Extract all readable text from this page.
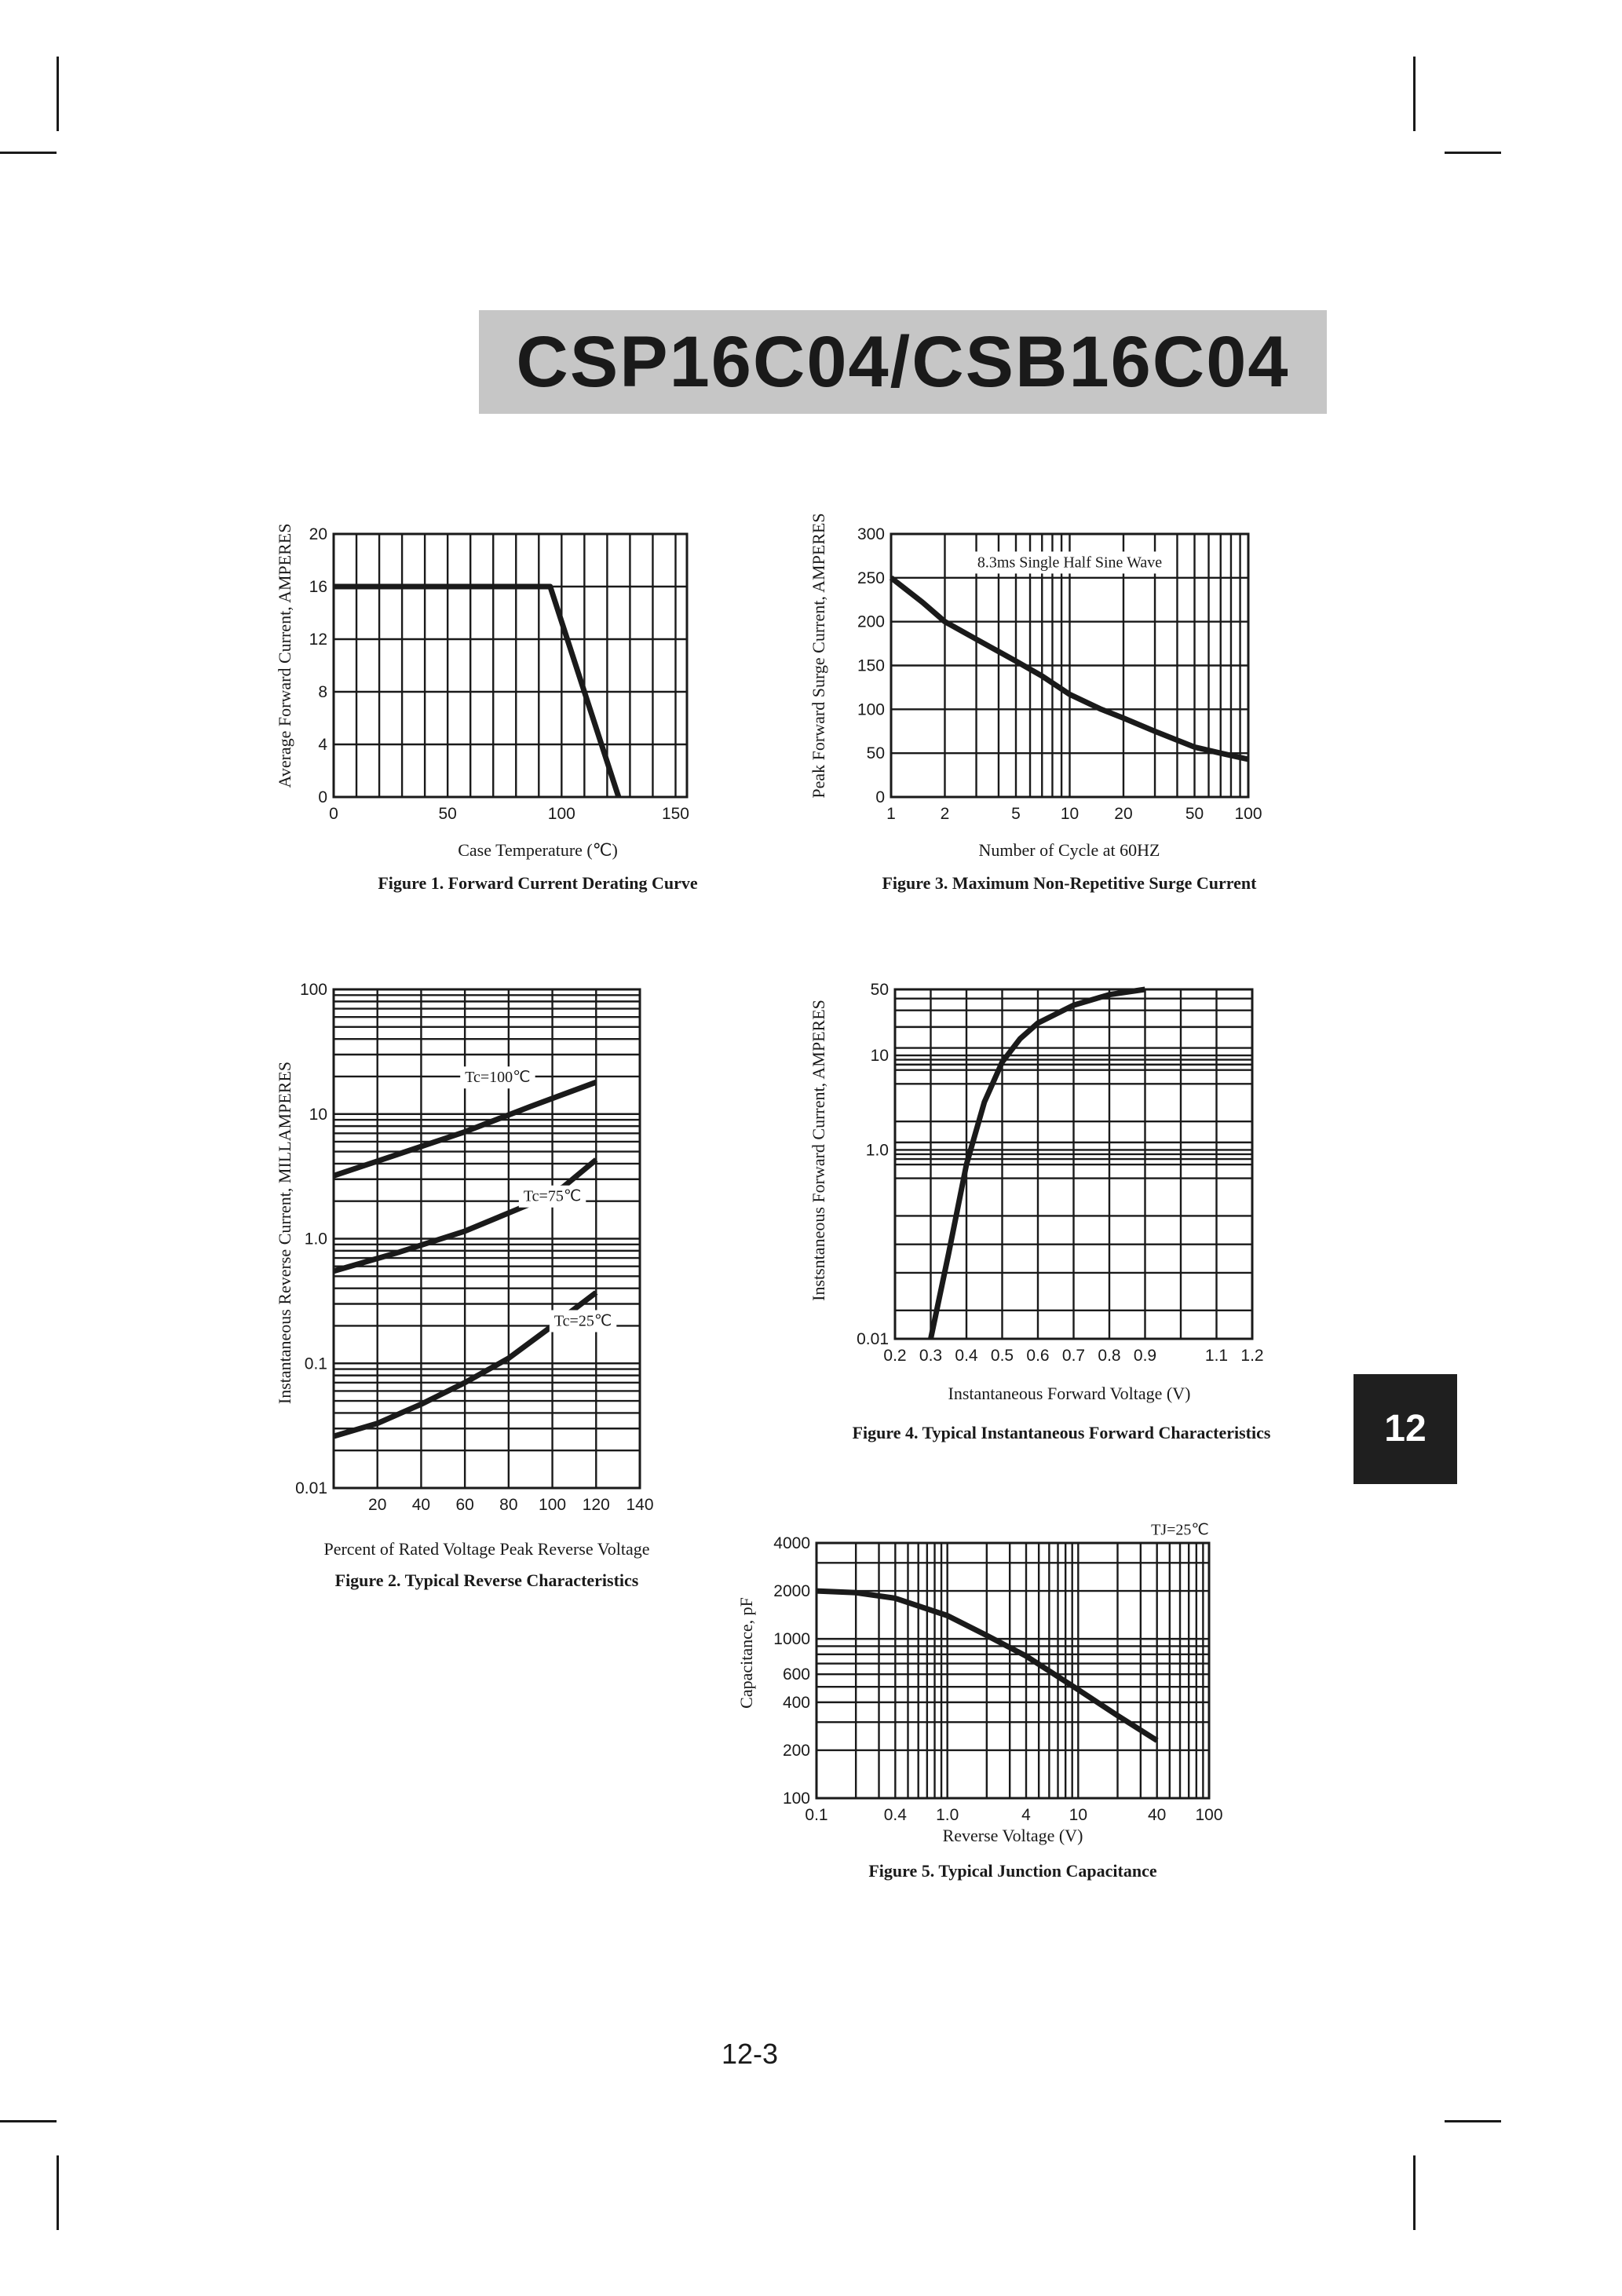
CSP16C04/CSB16C04
12
12-3
0	50	100	150
0
4
8
12
16
20
Case Temperature (℃)
Average Forward Current, AMPERES
Figure 1. Forward Current Derating Curve
1	2	5 10 20	50 100
0
50
100
150
200
250
300
Number of Cycle at 60HZ
Peak Forward Surge Current, AMPERES
Figure 3. Maximum Non-Repetitive Surge Current
8.3ms Single Half Sine Wave
20 40 60 80 100 120 140
0.01
0.1
1.0
10
100
Percent of Rated Voltage Peak Reverse Voltage
Instantaneous Reverse Current, MILLAMPERES
Figure 2. Typical Reverse Characteristics
Tc=100℃
Tc=75℃
Tc=25℃
0.2 0.3 0.4 0.5 0.6 0.7 0.8 0.9	1.1 1.2
0.01
1.0
10
50
Instantaneous Forward Voltage (V)
Instsntaneous Forward Current, AMPERES
Figure 4. Typical Instantaneous Forward Characteristics
0.1	0.4 1.0	4 10	40 100
100
200
400
600
1000
2000
4000
Reverse Voltage (V)
Capacitance, pF
Figure 5. Typical Junction Capacitance
TJ=25℃
